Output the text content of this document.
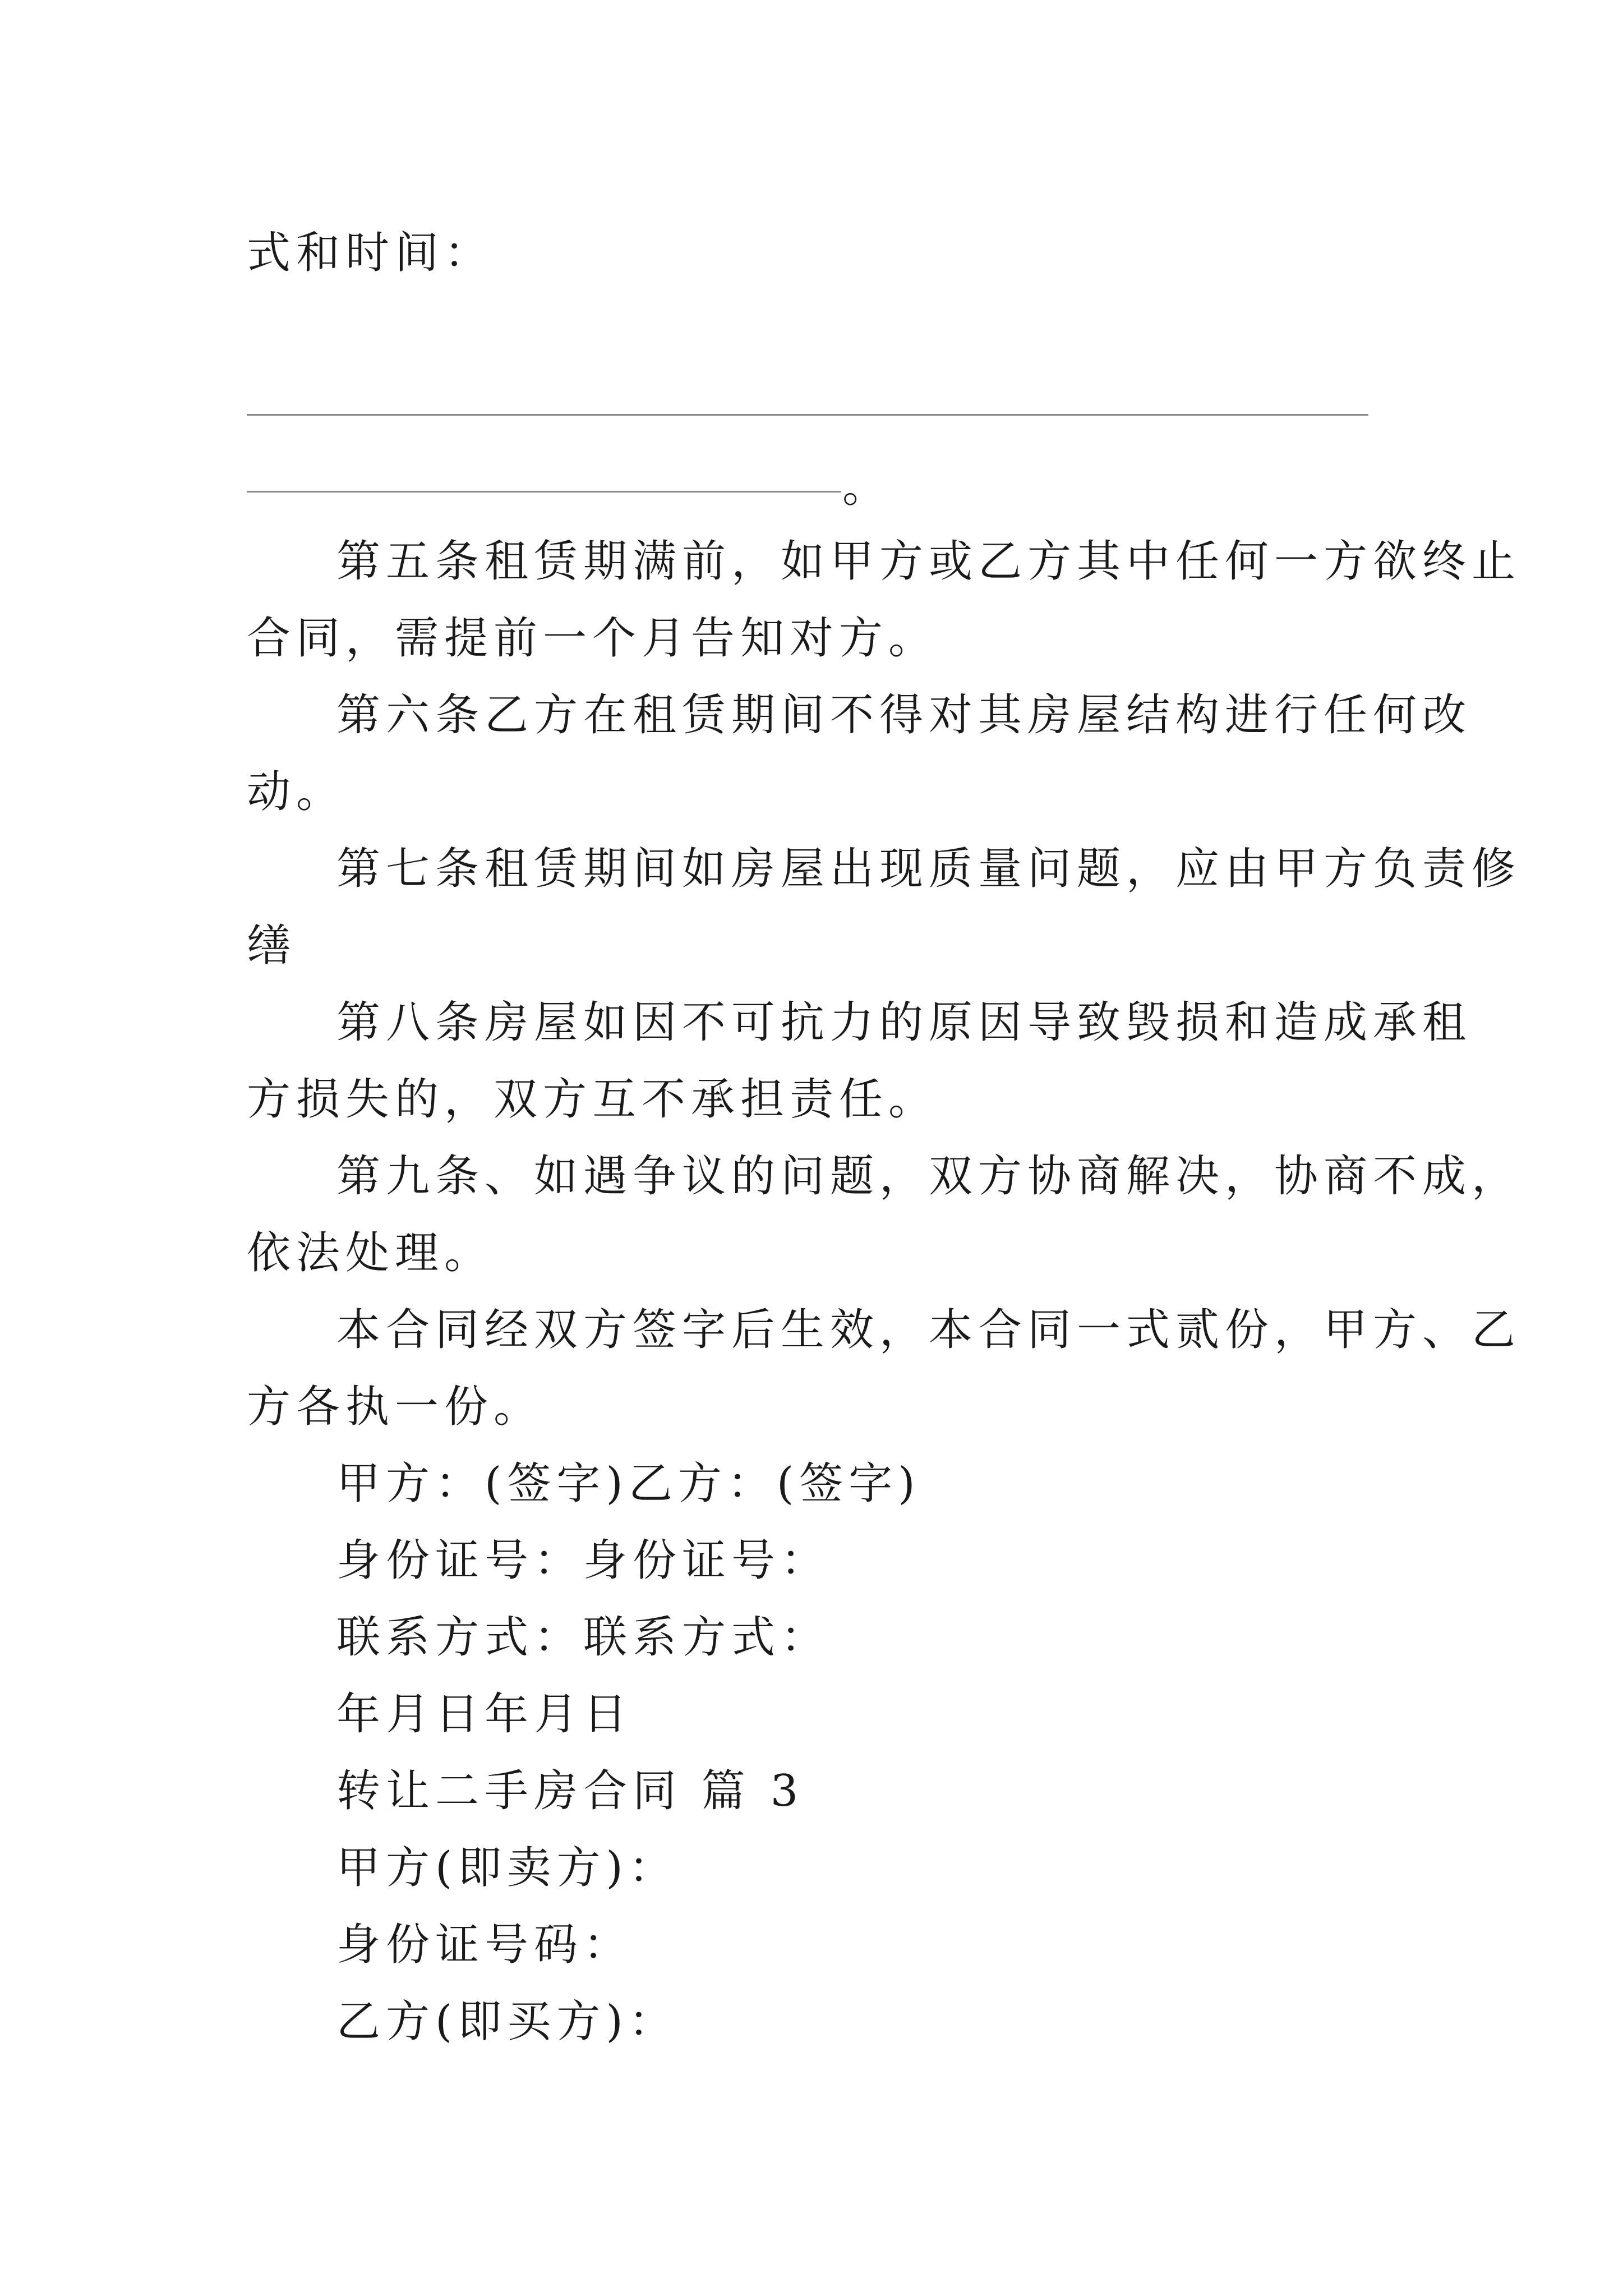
式和时间：
。
第五条租赁期满前，如甲方或乙方其中任何一方欲终止
合同，需提前一个月告知对方。
第六条乙方在租赁期间不得对其房屋结构进行任何改
动。
第七条租赁期间如房屋出现质量问题，应由甲方负责修
缮
第八条房屋如因不可抗力的原因导致毁损和造成承租
方损失的，双方互不承担责任。
第九条、如遇争议的问题，双方协商解决，协商不成，
依法处理。
本合同经双方签字后生效，本合同一式贰份，甲方、乙
方各执一份。
甲方：(签字)乙方：(签字)
身份证号：身份证号：
联系方式：联系方式：
年月日年月日
转让二手房合同 篇 3
甲方(即卖方)：
身份证号码：
乙方(即买方)：
